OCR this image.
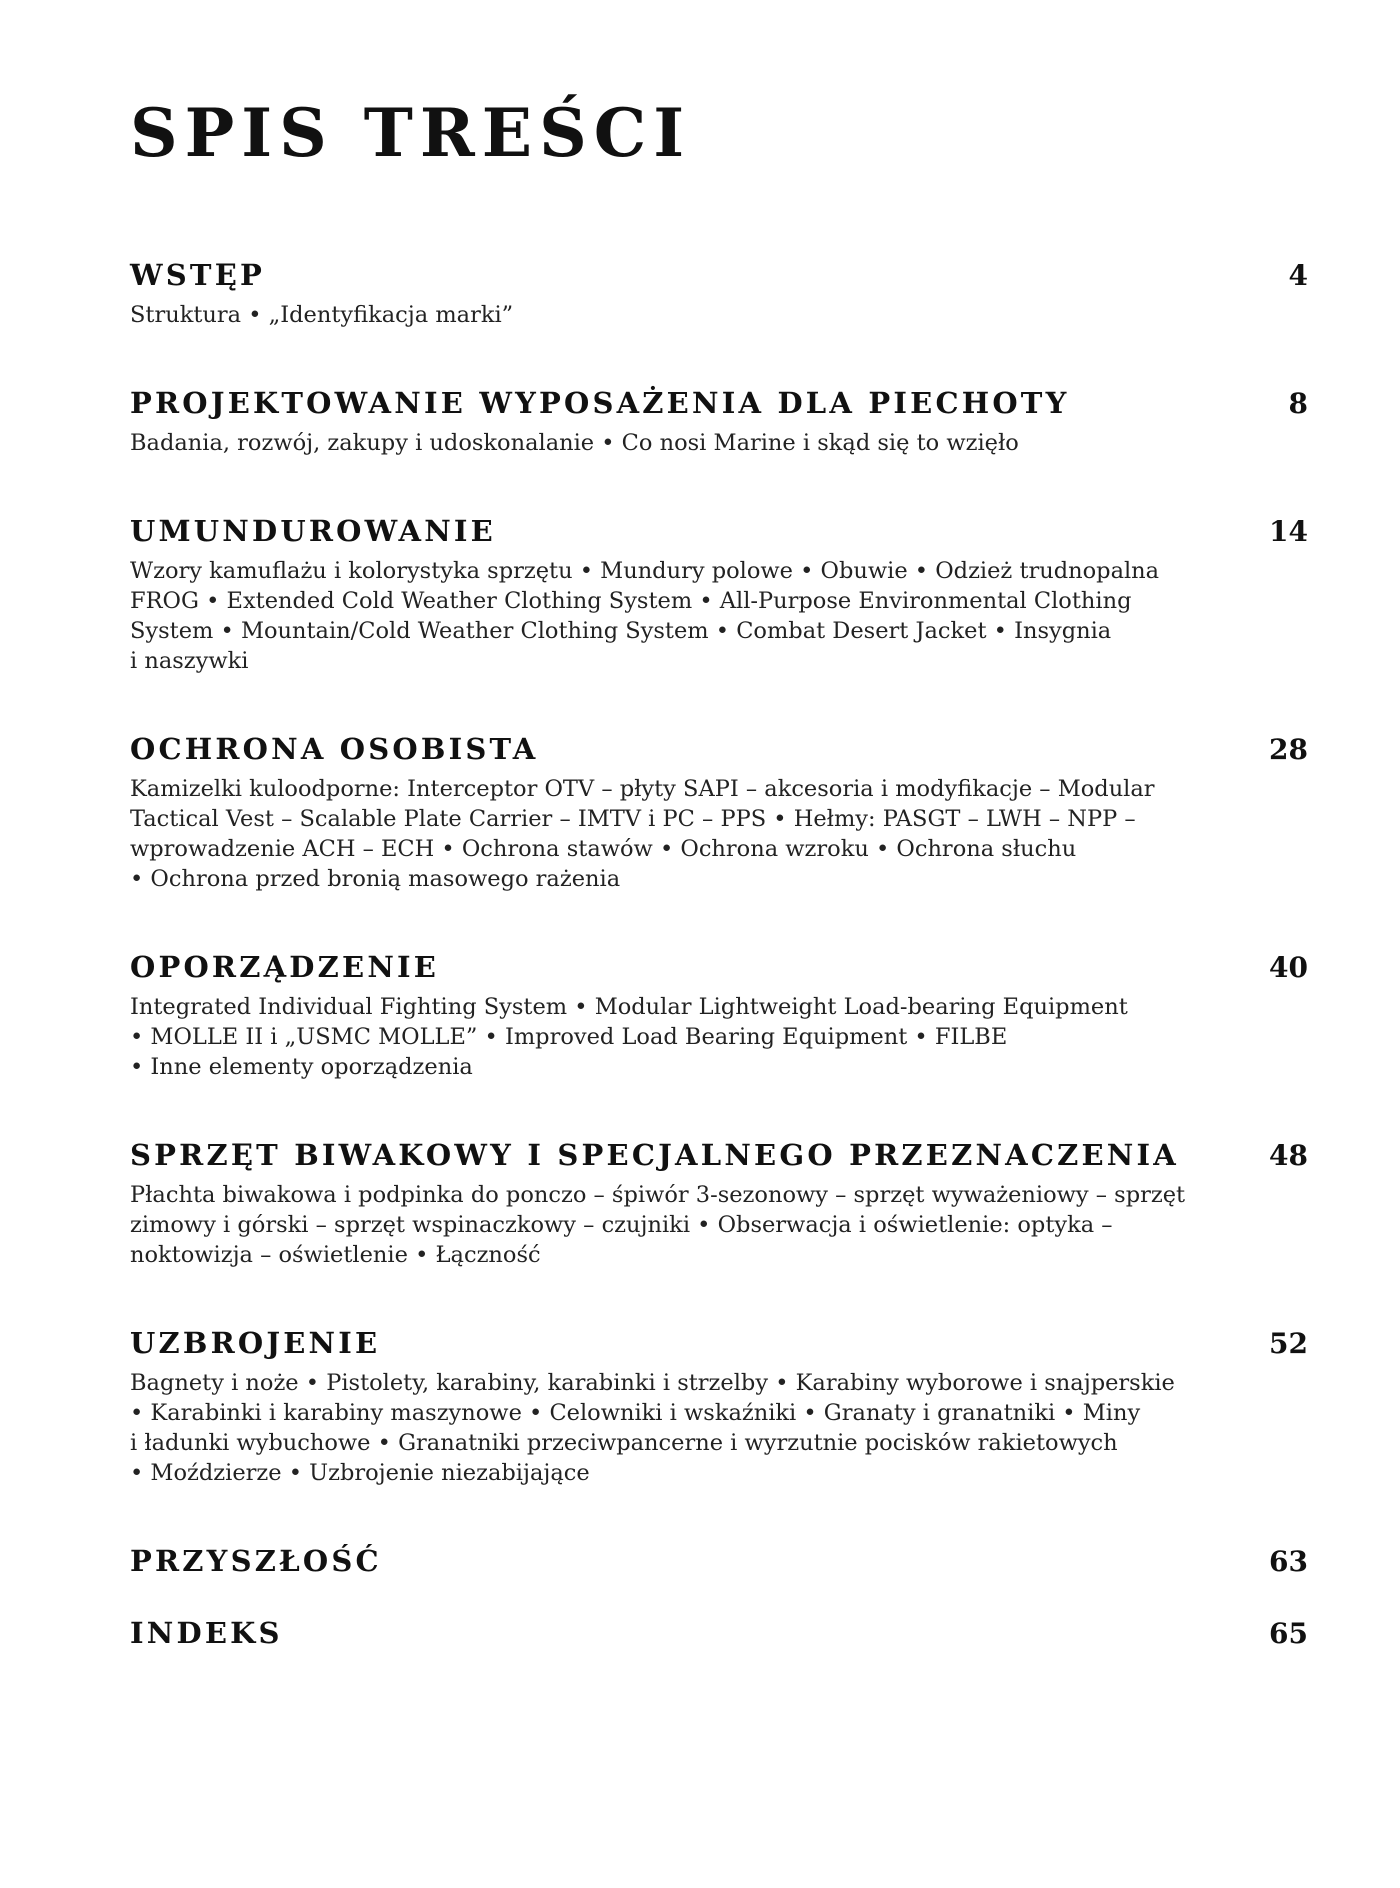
SPIS TREŚCI
WSTĘP	4
Struktura • „Identyfikacja marki”
PROJEKTOWANIE WYPOSAŻENIA DLA PIECHOTY	8
Badania, rozwój, zakupy i udoskonalanie • Co nosi Marine i skąd się to wzięło
UMUNDUROWANIE	14
Wzory kamuflażu i kolorystyka sprzętu • Mundury polowe • Obuwie • Odzież trudnopalna
FROG • Extended Cold Weather Clothing System • All-Purpose Environmental Clothing
System • Mountain/Cold Weather Clothing System • Combat Desert Jacket • Insygnia
i naszywki
OCHRONA OSOBISTA	28
Kamizelki kuloodporne: Interceptor OTV – płyty SAPI – akcesoria i modyfikacje – Modular
Tactical Vest – Scalable Plate Carrier – IMTV i PC – PPS • Hełmy: PASGT – LWH – NPP –
wprowadzenie ACH – ECH • Ochrona stawów • Ochrona wzroku • Ochrona słuchu
• Ochrona przed bronią masowego rażenia
OPORZĄDZENIE	40
Integrated Individual Fighting System • Modular Lightweight Load-bearing Equipment
• MOLLE II i „USMC MOLLE” • Improved Load Bearing Equipment • FILBE
• Inne elementy oporządzenia
SPRZĘT BIWAKOWY I SPECJALNEGO PRZEZNACZENIA	48
Płachta biwakowa i podpinka do ponczo – śpiwór 3-sezonowy – sprzęt wyważeniowy – sprzęt
zimowy i górski – sprzęt wspinaczkowy – czujniki • Obserwacja i oświetlenie: optyka –
noktowizja – oświetlenie • Łączność
UZBROJENIE	52
Bagnety i noże • Pistolety, karabiny, karabinki i strzelby • Karabiny wyborowe i snajperskie
• Karabinki i karabiny maszynowe • Celowniki i wskaźniki • Granaty i granatniki • Miny
i ładunki wybuchowe • Granatniki przeciwpancerne i wyrzutnie pocisków rakietowych
• Moździerze • Uzbrojenie niezabijające
PRZYSZŁOŚĆ	63
INDEKS	65
